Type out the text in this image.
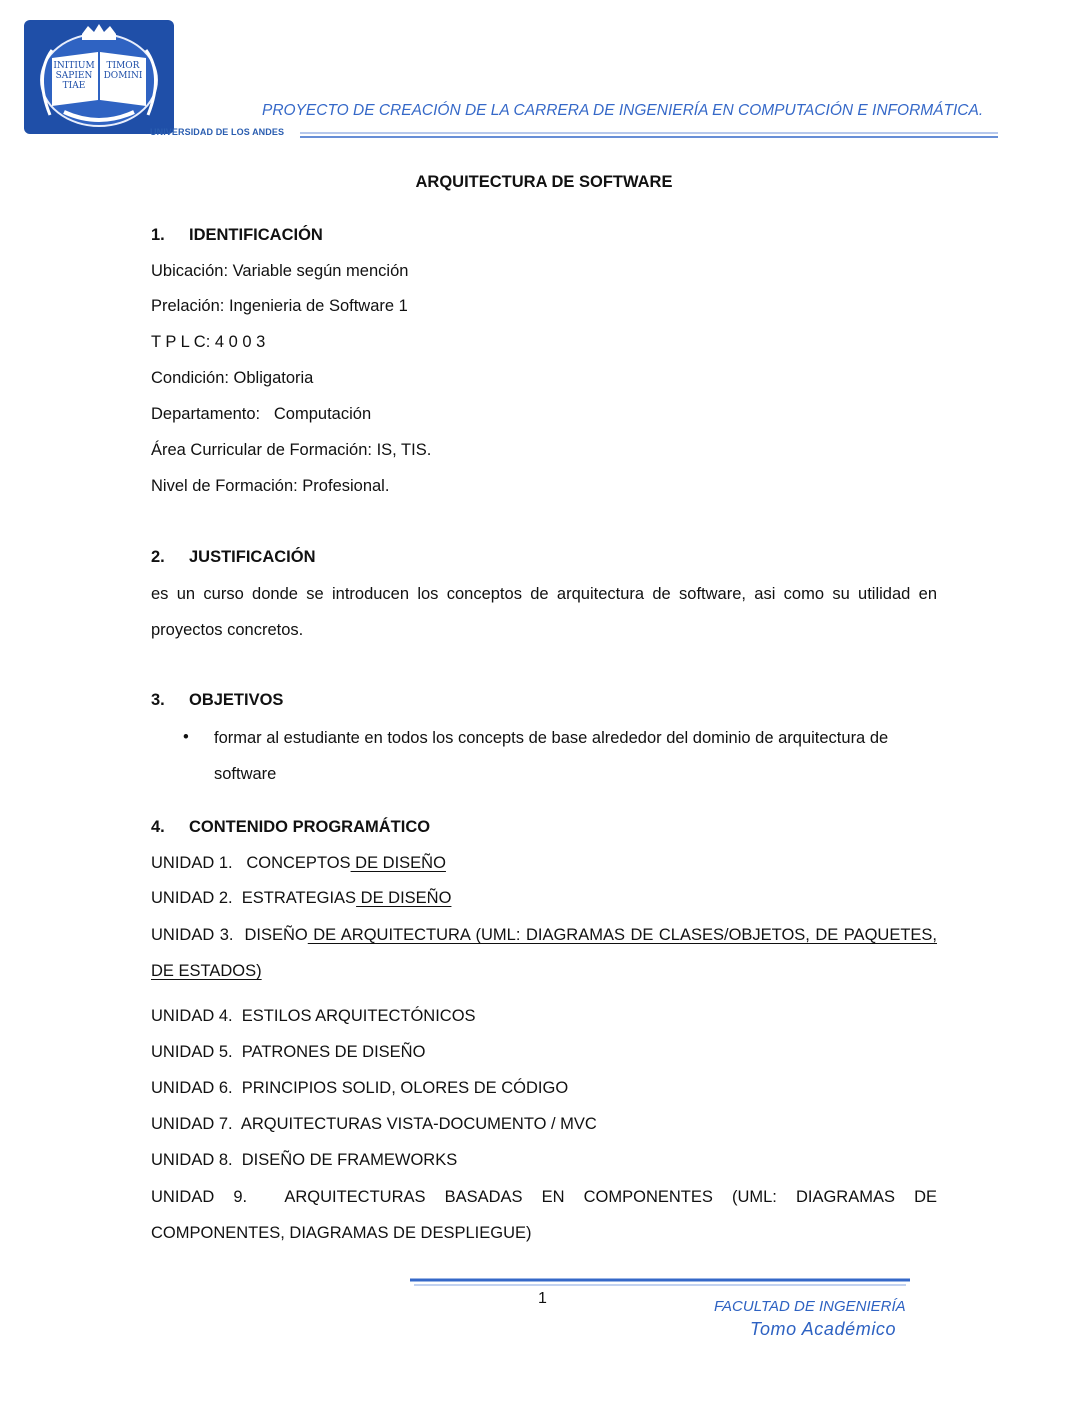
INITIUM
SAPIEN
TIAE
TIMOR
DOMINI
UNIVERSIDAD DE LOS ANDES
PROYECTO DE CREACIÓN DE LA CARRERA DE INGENIERÍA EN COMPUTACIÓN E INFORMÁTICA.
ARQUITECTURA DE SOFTWARE
1. IDENTIFICACIÓN
Ubicación: Variable según mención
Prelación: Ingenieria de Software 1
T P L C: 4 0 0 3
Condición: Obligatoria
Departamento:   Computación
Área Curricular de Formación: IS, TIS.
Nivel de Formación: Profesional.
2. JUSTIFICACIÓN
es un curso donde se introducen los conceptos de arquitectura de software, asi como su utilidad en proyectos concretos.
3. OBJETIVOS
• formar al estudiante en todos los concepts de base alrededor del dominio de arquitectura de software
4. CONTENIDO PROGRAMÁTICO
UNIDAD 1.   CONCEPTOS DE DISEÑO
UNIDAD 2.  ESTRATEGIAS DE DISEÑO
UNIDAD 3.  DISEÑO DE ARQUITECTURA (UML: DIAGRAMAS DE CLASES/OBJETOS, DE PAQUETES, DE ESTADOS)
UNIDAD 4.  ESTILOS ARQUITECTÓNICOS
UNIDAD 5.  PATRONES DE DISEÑO
UNIDAD 6.  PRINCIPIOS SOLID, OLORES DE CÓDIGO
UNIDAD 7.  ARQUITECTURAS VISTA-DOCUMENTO / MVC
UNIDAD 8.  DISEÑO DE FRAMEWORKS
UNIDAD 9.  ARQUITECTURAS BASADAS EN COMPONENTES (UML: DIAGRAMAS DE COMPONENTES, DIAGRAMAS DE DESPLIEGUE)
1	FACULTAD DE INGENIERÍA
Tomo Académico
